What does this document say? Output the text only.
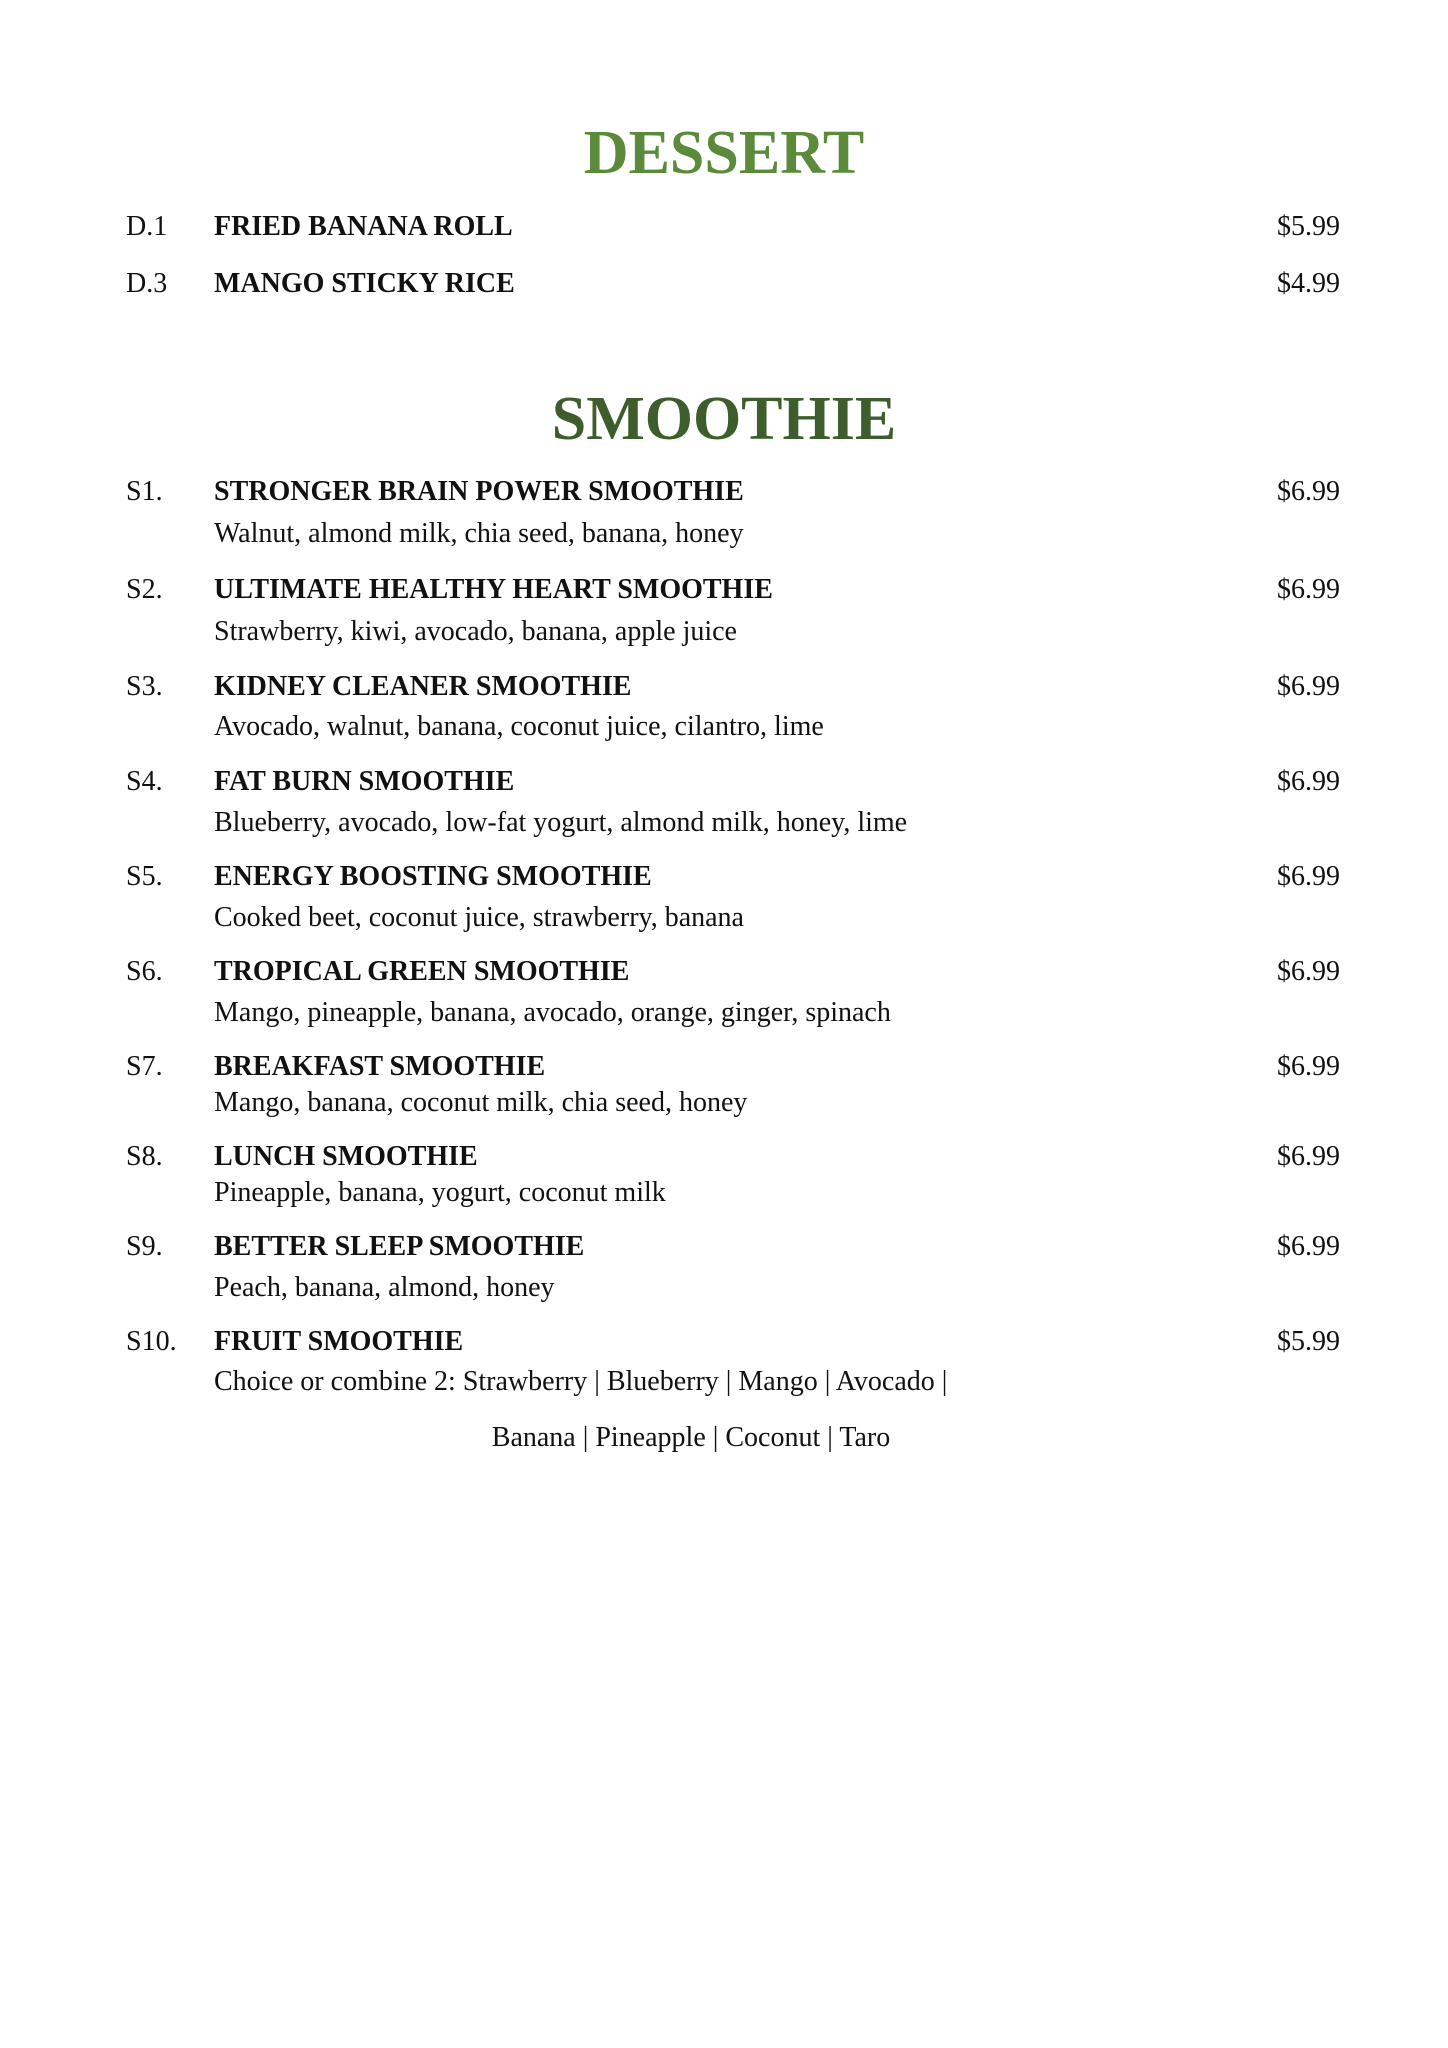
DESSERT
D.1 FRIED BANANA ROLL	$5.99
D.3 MANGO STICKY RICE	$4.99
SMOOTHIE
S1. STRONGER BRAIN POWER SMOOTHIE	$6.99
Walnut, almond milk, chia seed, banana, honey
S2. ULTIMATE HEALTHY HEART SMOOTHIE	$6.99
Strawberry, kiwi, avocado, banana, apple juice
S3. KIDNEY CLEANER SMOOTHIE	$6.99
Avocado, walnut, banana, coconut juice, cilantro, lime
S4. FAT BURN SMOOTHIE	$6.99
Blueberry, avocado, low-fat yogurt, almond milk, honey, lime
S5. ENERGY BOOSTING SMOOTHIE	$6.99
Cooked beet, coconut juice, strawberry, banana
S6. TROPICAL GREEN SMOOTHIE	$6.99
Mango, pineapple, banana, avocado, orange, ginger, spinach
S7. BREAKFAST SMOOTHIE	$6.99
Mango, banana, coconut milk, chia seed, honey
S8. LUNCH SMOOTHIE	$6.99
Pineapple, banana, yogurt, coconut milk
S9. BETTER SLEEP SMOOTHIE	$6.99
Peach, banana, almond, honey
S10. FRUIT SMOOTHIE	$5.99
Choice or combine 2: Strawberry | Blueberry | Mango | Avocado |
Banana | Pineapple | Coconut | Taro
